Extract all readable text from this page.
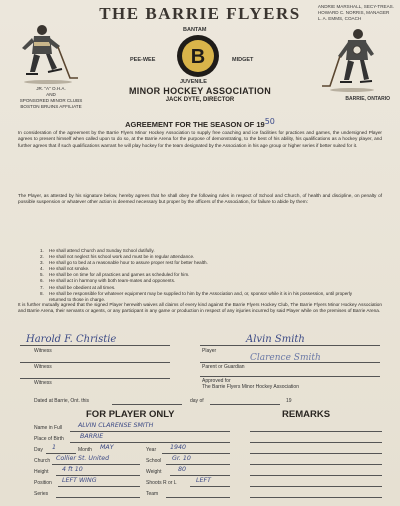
THE BARRIE FLYERS	ANDRIE MARSHALL, SECY-TREAS.
HOWARD C. NORRIS, MANAGER
L. A. EMMS, COACH
JR. "A" O.H.A.
AND
SPONSORED MINOR CLUBS
BOSTON BRUINS AFFILIATE
BARRIE, ONTARIO
BANTAM
PEE-WEE	MIDGET
JUVENILE
B
MINOR HOCKEY ASSOCIATION
JACK DYTE, DIRECTOR
AGREEMENT FOR THE SEASON OF 1950
In consideration of the agreement by the Barrie Flyers Minor Hockey Association to supply free coaching and ice facilities for practices and games, the undersigned Player agrees to present himself when called upon to do so, at the Barrie Arena for the purpose of demonstrating, to the best of his ability, his qualifications as a hockey player, and further agrees that if such qualifications warrant he will play hockey for the team designated by the Association in his age group or higher series if better suited for it.
The Player, as attested by his signature below, hereby agrees that he shall obey the following rules in respect of School and Church, of health and discipline, on penalty of possible suspension or whatever other action is deemed necessary but proper by the officers of the Association, for failure to abide by them:
1.	He shall attend Church and Sunday School dutifully.
2.	He shall not neglect his school work and must be in regular attendance.
3.	He shall go to bed at a reasonable hour to assure proper rest for better health.
4.	He shall not smoke.
5.	He shall be on time for all practices and games as scheduled for him.
6.	He shall act in harmony with both team-mates and opponents.
7.	He shall be obedient at all times.
8.	He shall be responsible for whatever equipment may be supplied to him by the Association and, or, sponsor while it is in his possession, until properly returned to those in charge.
It is further mutually agreed that the signed Player herewith waives all claims of every kind against the Barrie Flyers Hockey Club, The Barrie Flyers Minor Hockey Association and Barrie Arena, their servants or agents, or any participant in any game or production in respect of any injuries incurred by said Player while on the premises of Barrie Arena.
Harold F. Christie
Witness
Alvin Smith
Player
Witness
Clarence Smith
Parent or Guardian
Witness	Approved for
The Barrie Flyers Minor Hockey Association
Dated at Barrie, Ont. this	day of	19
FOR PLAYER ONLY	REMARKS
Name in Full	ALVIN CLARENSE SMITH
Place of Birth	BARRIE
Day 1	Month MAY	Year 1940
Church Collier St. United	School Gr. 10
Height 4 ft 10	Weight	80
Position LEFT WING	Shoots R or L	LEFT
Series	Team
